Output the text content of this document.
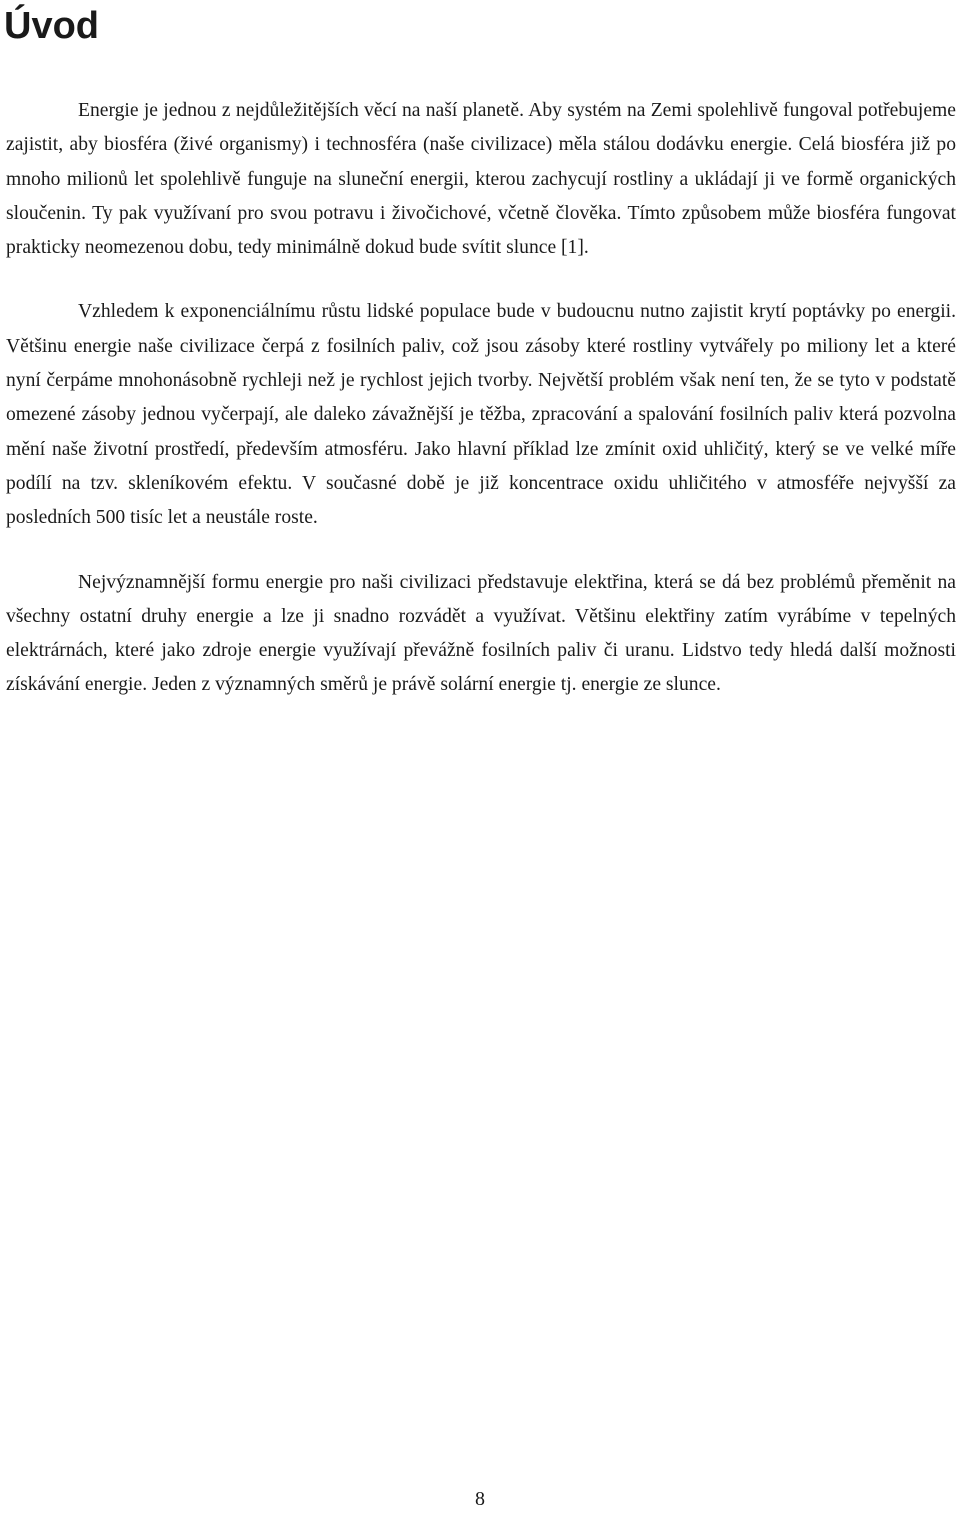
Úvod

Energie je jednou z nejdůležitějších věcí na naší planetě. Aby systém na Zemi spolehlivě fungoval potřebujeme zajistit, aby biosféra (živé organismy) i technosféra (naše civilizace) měla stálou dodávku energie. Celá biosféra již po mnoho milionů let spolehlivě funguje na sluneční energii, kterou zachycují rostliny a ukládají ji ve formě organických sloučenin. Ty pak využívaní pro svou potravu i živočichové, včetně člověka. Tímto způsobem může biosféra fungovat prakticky neomezenou dobu, tedy minimálně dokud bude svítit slunce [1].

Vzhledem k exponenciálnímu růstu lidské populace bude v budoucnu nutno zajistit krytí poptávky po energii. Většinu energie naše civilizace čerpá z fosilních paliv, což jsou zásoby které rostliny vytvářely po miliony let a které nyní čerpáme mnohonásobně rychleji než je rychlost jejich tvorby. Největší problém však není ten, že se tyto v podstatě omezené zásoby jednou vyčerpají, ale daleko závažnější je těžba, zpracování a spalování fosilních paliv která pozvolna mění naše životní prostředí, především atmosféru. Jako hlavní příklad lze zmínit oxid uhličitý, který se ve velké míře podílí na tzv. skleníkovém efektu. V současné době je již koncentrace oxidu uhličitého v atmosféře nejvyšší za posledních 500 tisíc let a neustále roste.

Nejvýznamnější formu energie pro naši civilizaci představuje elektřina, která se dá bez problémů přeměnit na všechny ostatní druhy energie a lze ji snadno rozvádět a využívat. Většinu elektřiny zatím vyrábíme v tepelných elektrárnách, které jako zdroje energie využívají převážně fosilních paliv či uranu. Lidstvo tedy hledá další možnosti získávání energie. Jeden z významných směrů je právě solární energie tj. energie ze slunce.

8
